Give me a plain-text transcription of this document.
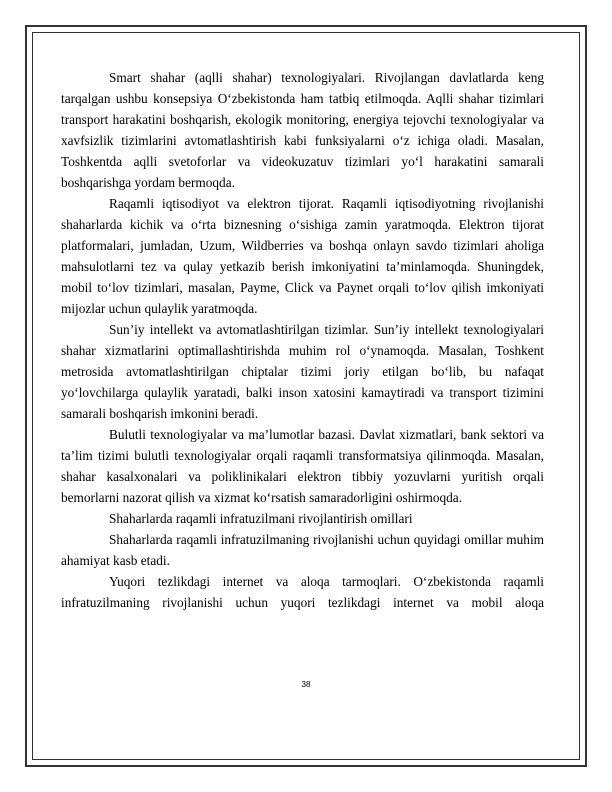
Smart shahar (aqlli shahar) texnologiyalari. Rivojlangan davlatlarda keng tarqalgan ushbu konsepsiya O‘zbekistonda ham tatbiq etilmoqda. Aqlli shahar tizimlari transport harakatini boshqarish, ekologik monitoring, energiya tejovchi texnologiyalar va xavfsizlik tizimlarini avtomatlashtirish kabi funksiyalarni o‘z ichiga oladi. Masalan, Toshkentda aqlli svetoforlar va videokuzatuv tizimlari yo‘l harakatini samarali boshqarishga yordam bermoqda.

Raqamli iqtisodiyot va elektron tijorat. Raqamli iqtisodiyotning rivojlanishi shaharlarda kichik va o‘rta biznesning o‘sishiga zamin yaratmoqda. Elektron tijorat platformalari, jumladan, Uzum, Wildberries va boshqa onlayn savdo tizimlari aholiga mahsulotlarni tez va qulay yetkazib berish imkoniyatini ta’minlamoqda. Shuningdek, mobil to‘lov tizimlari, masalan, Payme, Click va Paynet orqali to‘lov qilish imkoniyati mijozlar uchun qulaylik yaratmoqda.

Sun’iy intellekt va avtomatlashtirilgan tizimlar. Sun’iy intellekt texnologiyalari shahar xizmatlarini optimallashtirishda muhim rol o‘ynamoqda. Masalan, Toshkent metrosida avtomatlashtirilgan chiptalar tizimi joriy etilgan bo‘lib, bu nafaqat yo‘lovchilarga qulaylik yaratadi, balki inson xatosini kamaytiradi va transport tizimini samarali boshqarish imkonini beradi.

Bulutli texnologiyalar va ma’lumotlar bazasi. Davlat xizmatlari, bank sektori va ta’lim tizimi bulutli texnologiyalar orqali raqamli transformatsiya qilinmoqda. Masalan, shahar kasalxonalari va poliklinikalari elektron tibbiy yozuvlarni yuritish orqali bemorlarni nazorat qilish va xizmat ko‘rsatish samaradorligini oshirmoqda.

Shaharlarda raqamli infratuzilmani rivojlantirish omillari

Shaharlarda raqamli infratuzilmaning rivojlanishi uchun quyidagi omillar muhim ahamiyat kasb etadi.

Yuqori tezlikdagi internet va aloqa tarmoqlari. O‘zbekistonda raqamli infratuzilmaning rivojlanishi uchun yuqori tezlikdagi internet va mobil aloqa

38
